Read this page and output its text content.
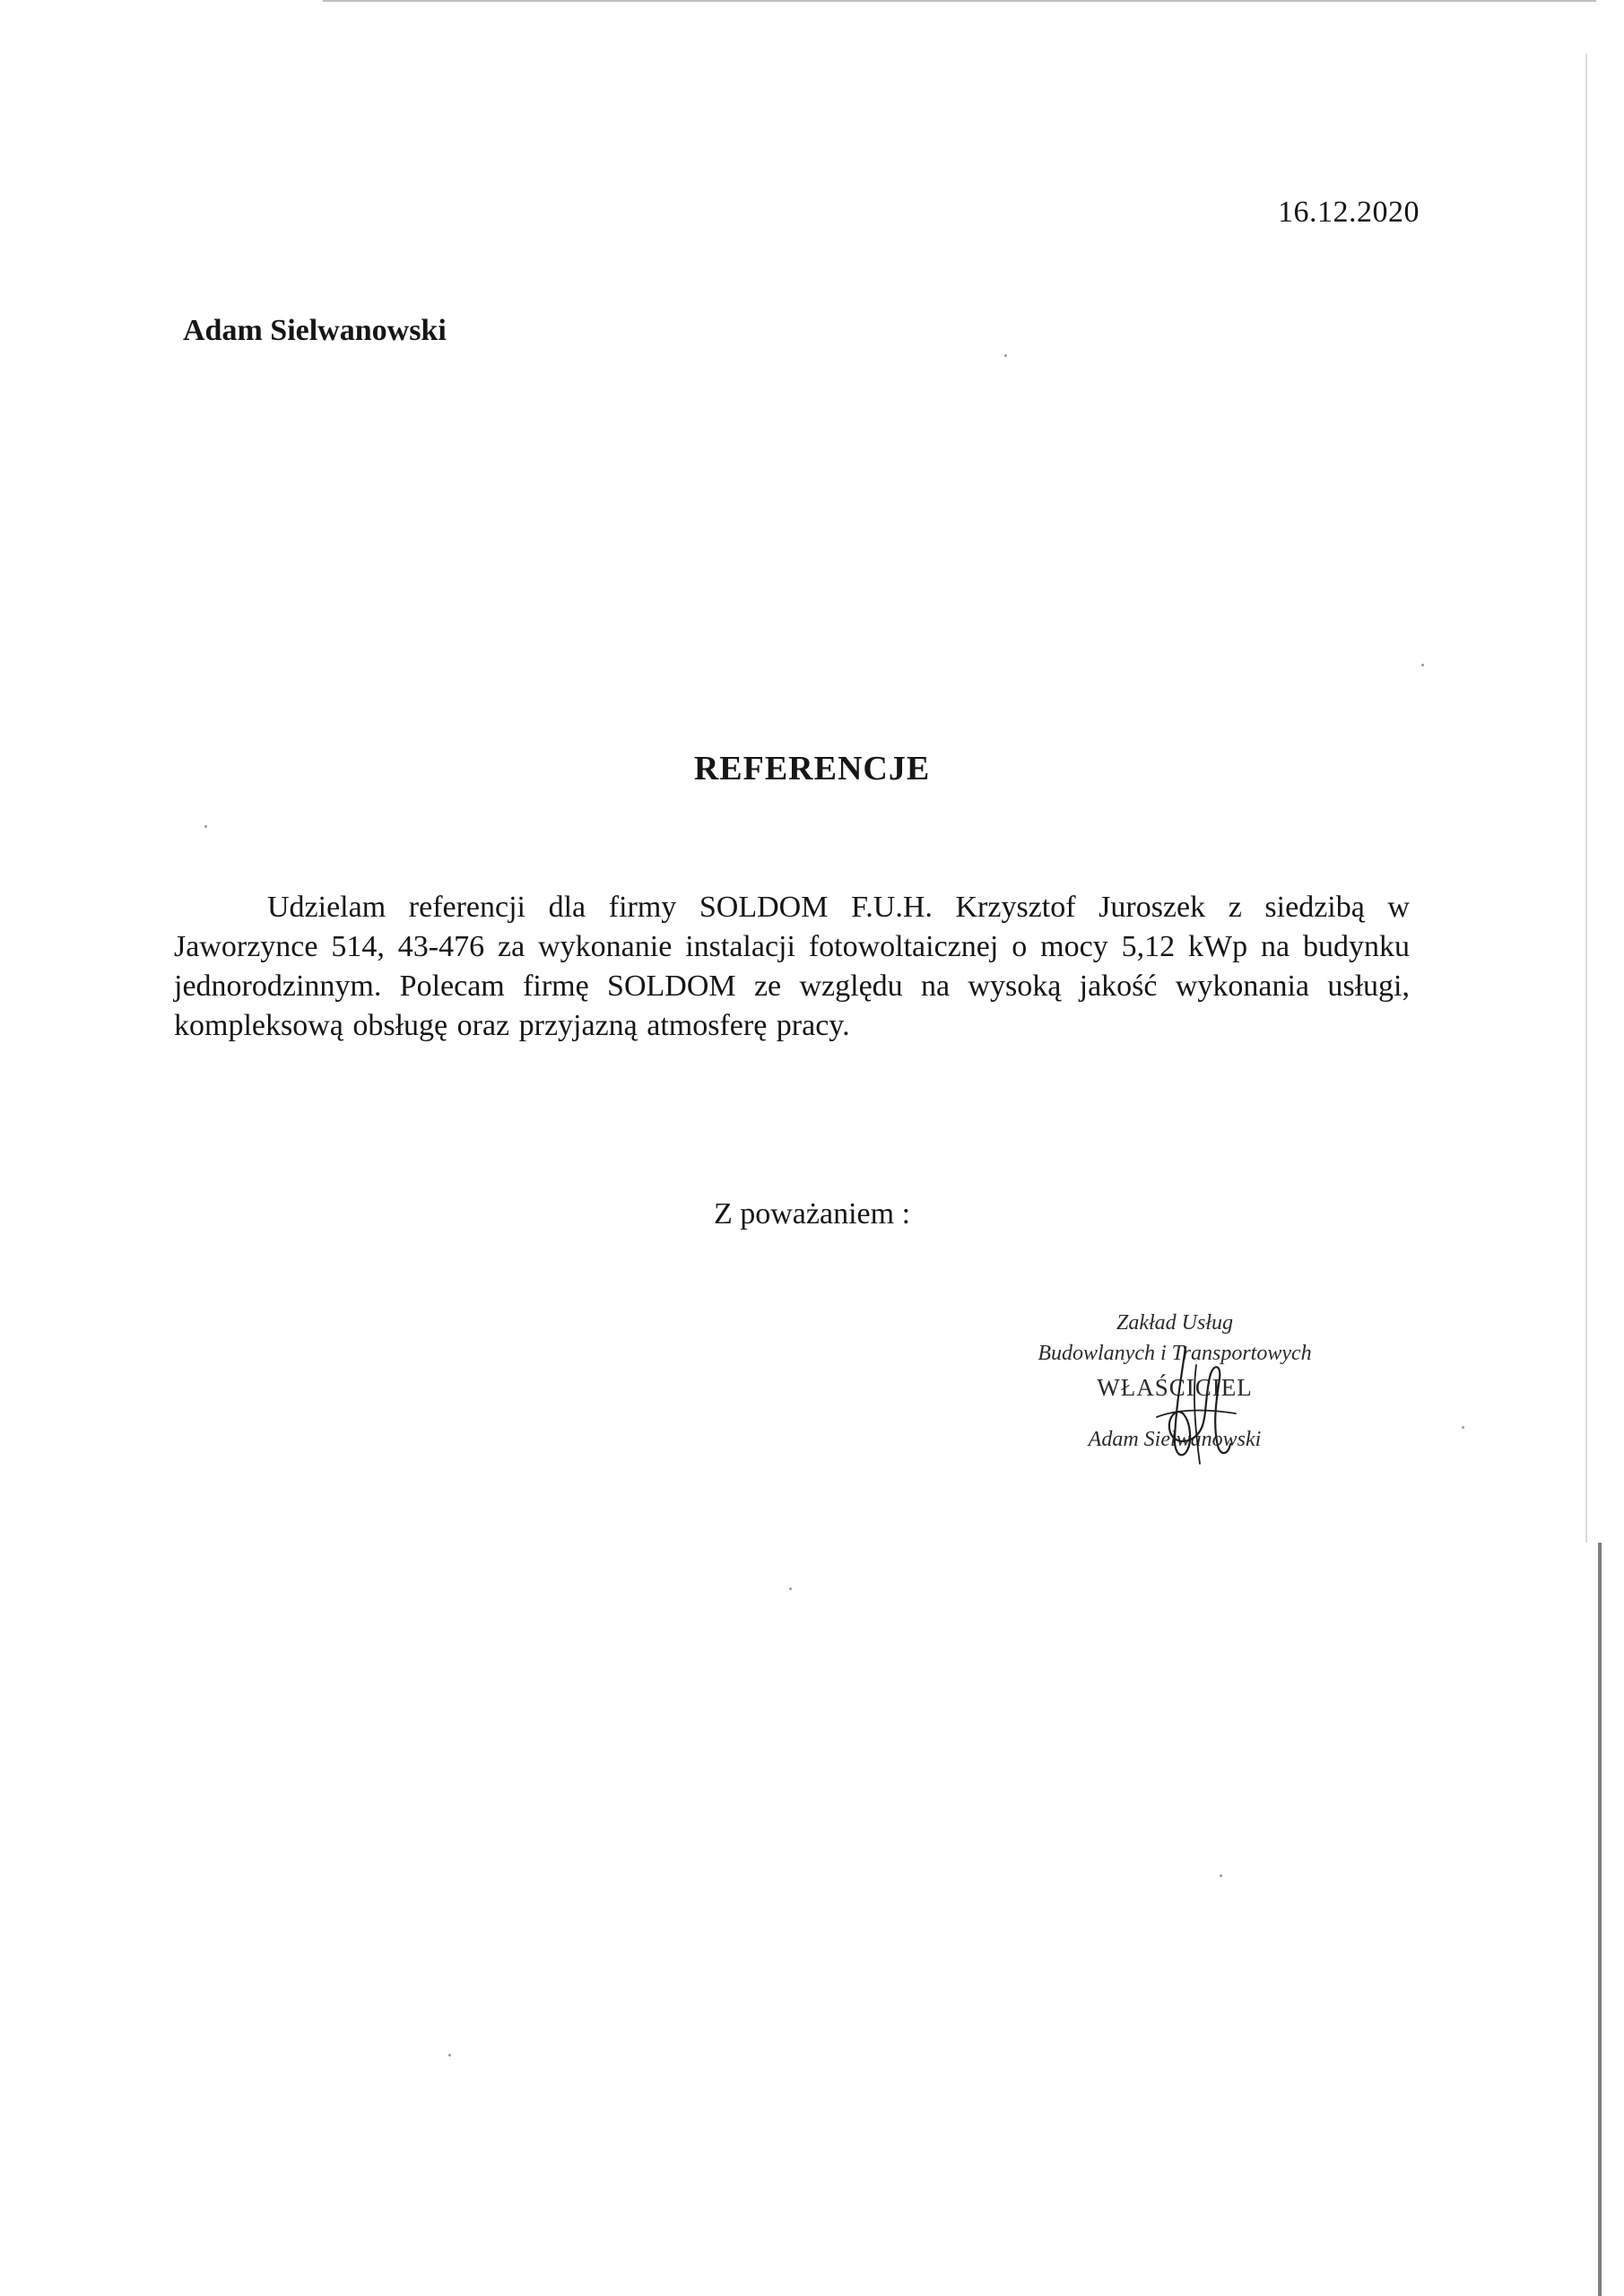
16.12.2020
Adam Sielwanowski
REFERENCJE
Udzielam referencji dla firmy SOLDOM F.U.H. Krzysztof Juroszek z siedzibą w Jaworzynce 514, 43-476 za wykonanie instalacji fotowoltaicznej o mocy 5,12 kWp na budynku jednorodzinnym. Polecam firmę SOLDOM ze względu na wysoką jakość wykonania usługi, kompleksową obsługę oraz przyjazną atmosferę pracy.
Z poważaniem :
Zakład Usług
Budowlanych i Transportowych
WŁAŚCICIEL
Adam Sielwanowski
